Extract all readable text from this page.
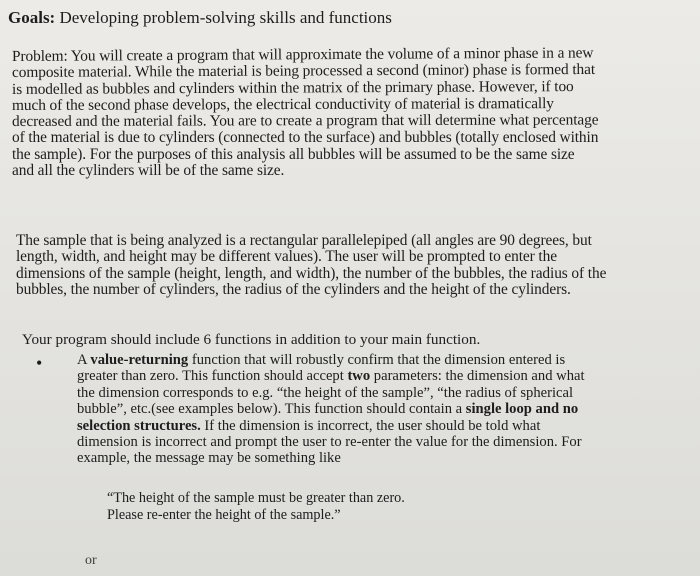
Goals: Developing problem-solving skills and functions
Problem: You will create a program that will approximate the volume of a minor phase in a new
composite material. While the material is being processed a second (minor) phase is formed that
is modelled as bubbles and cylinders within the matrix of the primary phase. However, if too
much of the second phase develops, the electrical conductivity of material is dramatically
decreased and the material fails. You are to create a program that will determine what percentage
of the material is due to cylinders (connected to the surface) and bubbles (totally enclosed within
the sample). For the purposes of this analysis all bubbles will be assumed to be the same size
and all the cylinders will be of the same size.
The sample that is being analyzed is a rectangular parallelepiped (all angles are 90 degrees, but
length, width, and height may be different values). The user will be prompted to enter the
dimensions of the sample (height, length, and width), the number of the bubbles, the radius of the
bubbles, the number of cylinders, the radius of the cylinders and the height of the cylinders.
Your program should include 6 functions in addition to your main function.
• A value-returning function that will robustly confirm that the dimension entered is
greater than zero. This function should accept two parameters: the dimension and what
the dimension corresponds to e.g. “the height of the sample”, “the radius of spherical
bubble”, etc.(see examples below). This function should contain a single loop and no
selection structures. If the dimension is incorrect, the user should be told what
dimension is incorrect and prompt the user to re-enter the value for the dimension. For
example, the message may be something like
“The height of the sample must be greater than zero.
Please re-enter the height of the sample.”
or
